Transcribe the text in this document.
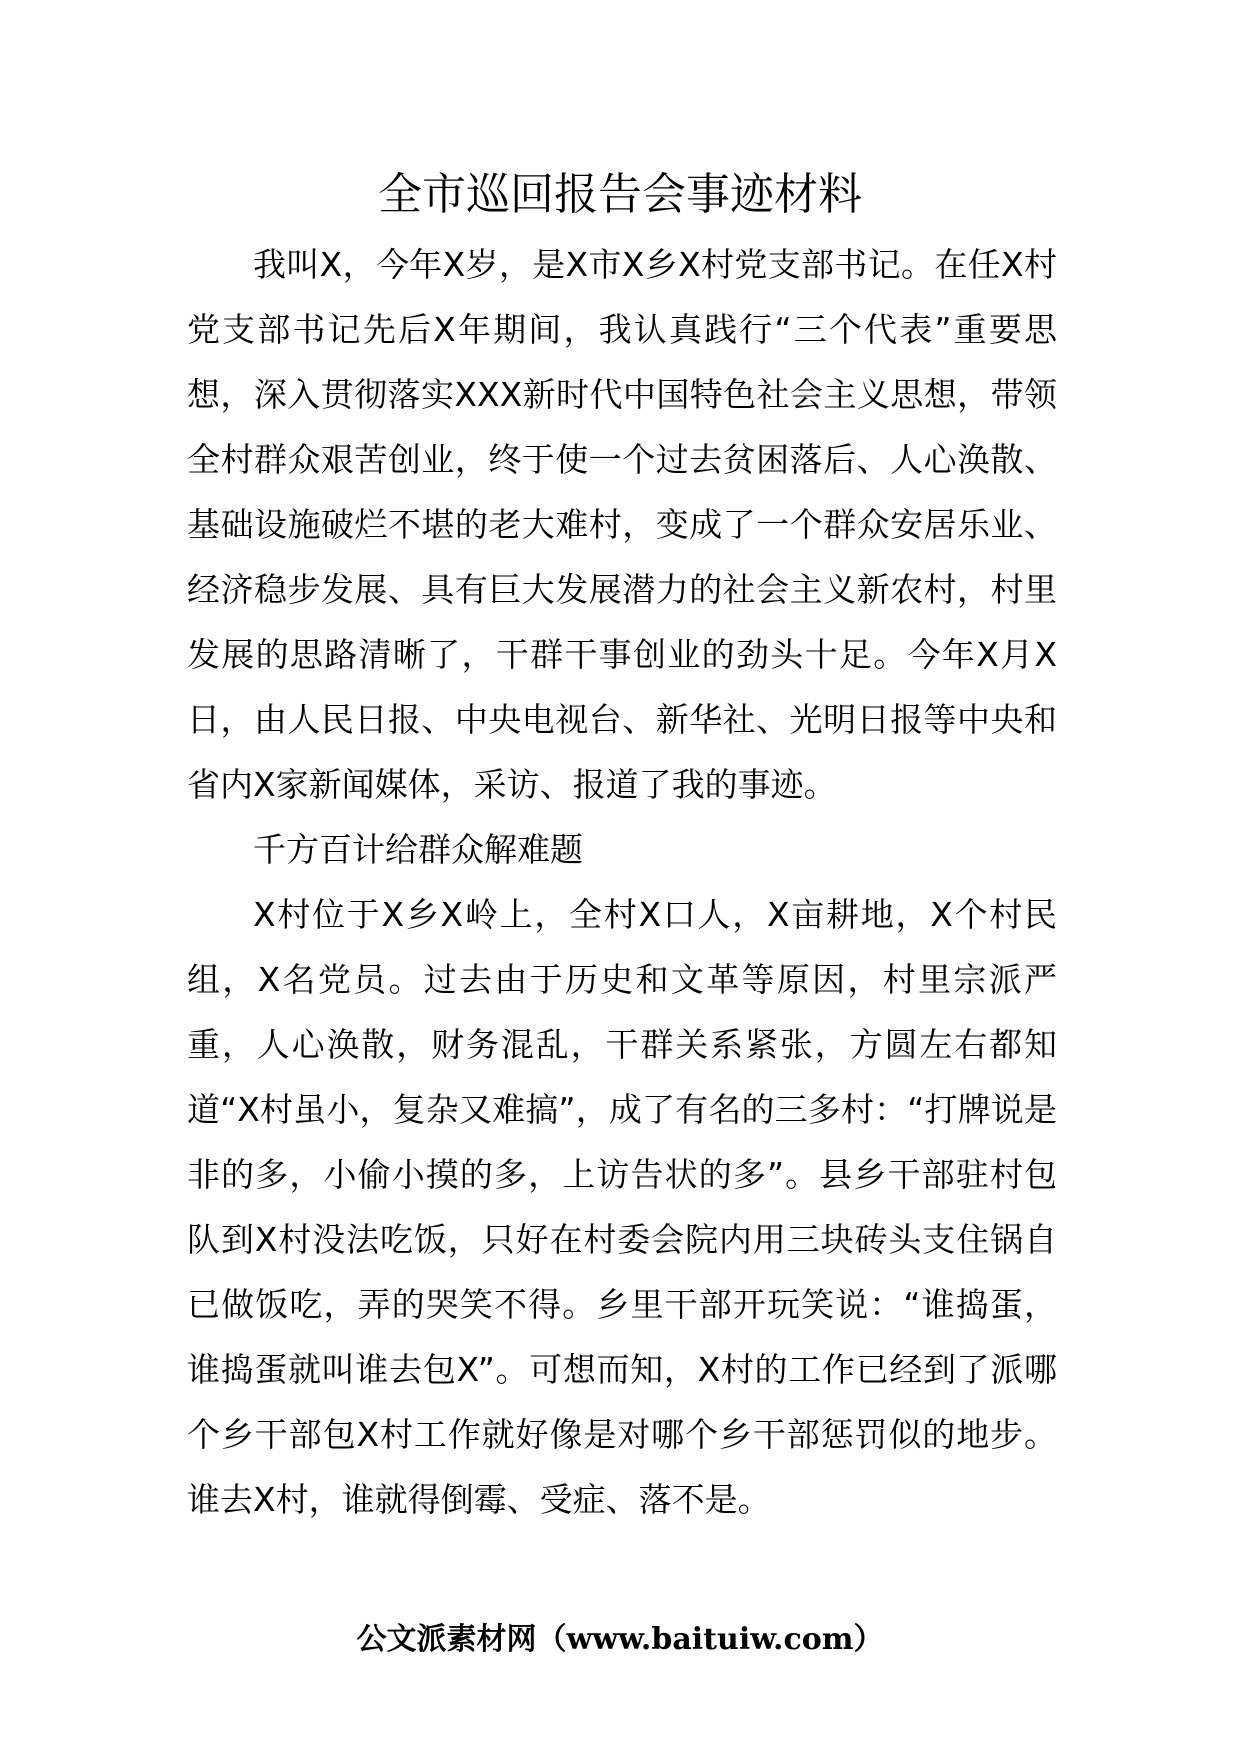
全市巡回报告会事迹材料

我叫X，今年X岁，是X市X乡X村党支部书记。在任X村党支部书记先后X年期间，我认真践行“三个代表”重要思想，深入贯彻落实XXX新时代中国特色社会主义思想，带领全村群众艰苦创业，终于使一个过去贫困落后、人心涣散、基础设施破烂不堪的老大难村，变成了一个群众安居乐业、经济稳步发展、具有巨大发展潜力的社会主义新农村，村里发展的思路清晰了，干群干事创业的劲头十足。今年X月X日，由人民日报、中央电视台、新华社、光明日报等中央和省内X家新闻媒体，采访、报道了我的事迹。

千方百计给群众解难题

X村位于X乡X岭上，全村X口人，X亩耕地，X个村民组，X名党员。过去由于历史和文革等原因，村里宗派严重，人心涣散，财务混乱，干群关系紧张，方圆左右都知道“X村虽小，复杂又难搞”，成了有名的三多村：“打牌说是非的多，小偷小摸的多，上访告状的多”。县乡干部驻村包队到X村没法吃饭，只好在村委会院内用三块砖头支住锅自已做饭吃，弄的哭笑不得。乡里干部开玩笑说：“谁捣蛋，谁捣蛋就叫谁去包X”。可想而知，X村的工作已经到了派哪个乡干部包X村工作就好像是对哪个乡干部惩罚似的地步。谁去X村，谁就得倒霉、受症、落不是。

公文派素材网（www.baituiw.com）
